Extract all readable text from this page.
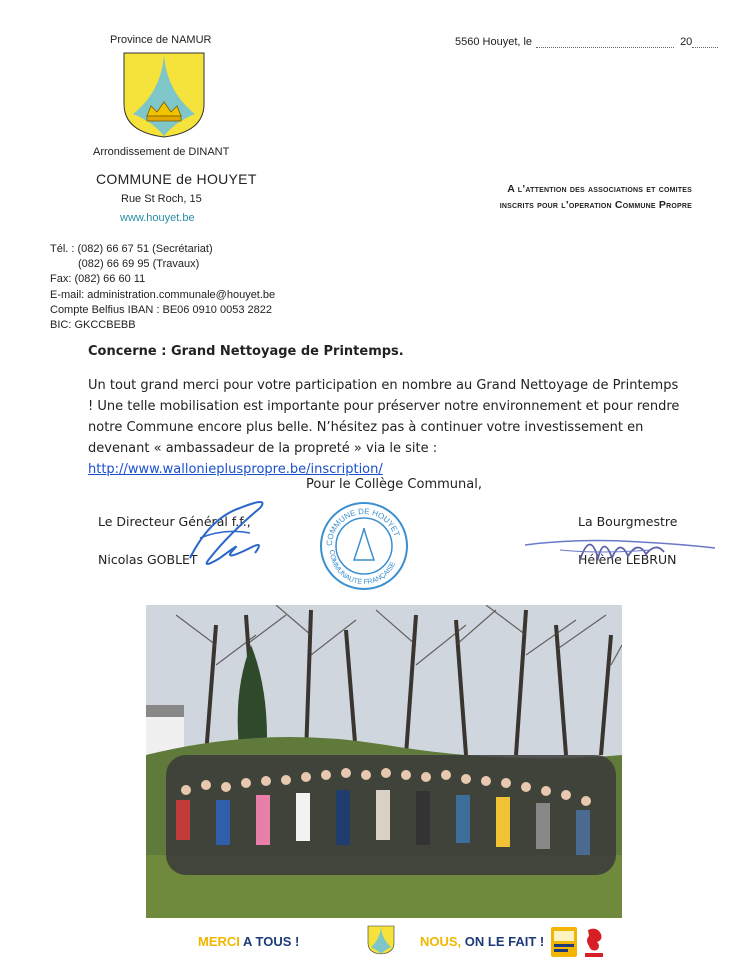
Province de NAMUR
Arrondissement de DINANT
COMMUNE de HOUYET
Rue St Roch, 15
www.houyet.be
Tél. : (082) 66 67 51 (Secrétariat)
(082) 66 69 95 (Travaux)
Fax: (082) 66 60 11
E-mail: administration.communale@houyet.be
Compte Belfius IBAN : BE06 0910 0053 2822
BIC: GKCCBEBB
5560 Houyet, le	20
A l’attention des associations et comites
inscrits pour l’operation Commune Propre
Concerne : Grand Nettoyage de Printemps.
Un tout grand merci pour votre participation en nombre au Grand Nettoyage de Printemps ! Une telle mobilisation est importante pour préserver notre environnement et pour rendre notre Commune encore plus belle. N’hésitez pas à continuer votre investissement en devenant « ambassadeur de la propreté » via le site : http://www.walloniepluspropre.be/inscription/
Pour le Collège Communal,
Le Directeur Général f.f.,
Nicolas GOBLET
La Bourgmestre
Hélène LEBRUN
COMMUNE DE HOUYET
COMMUNAUTÉ FRANÇAISE
MERCI A TOUS !	NOUS, ON LE FAIT !
